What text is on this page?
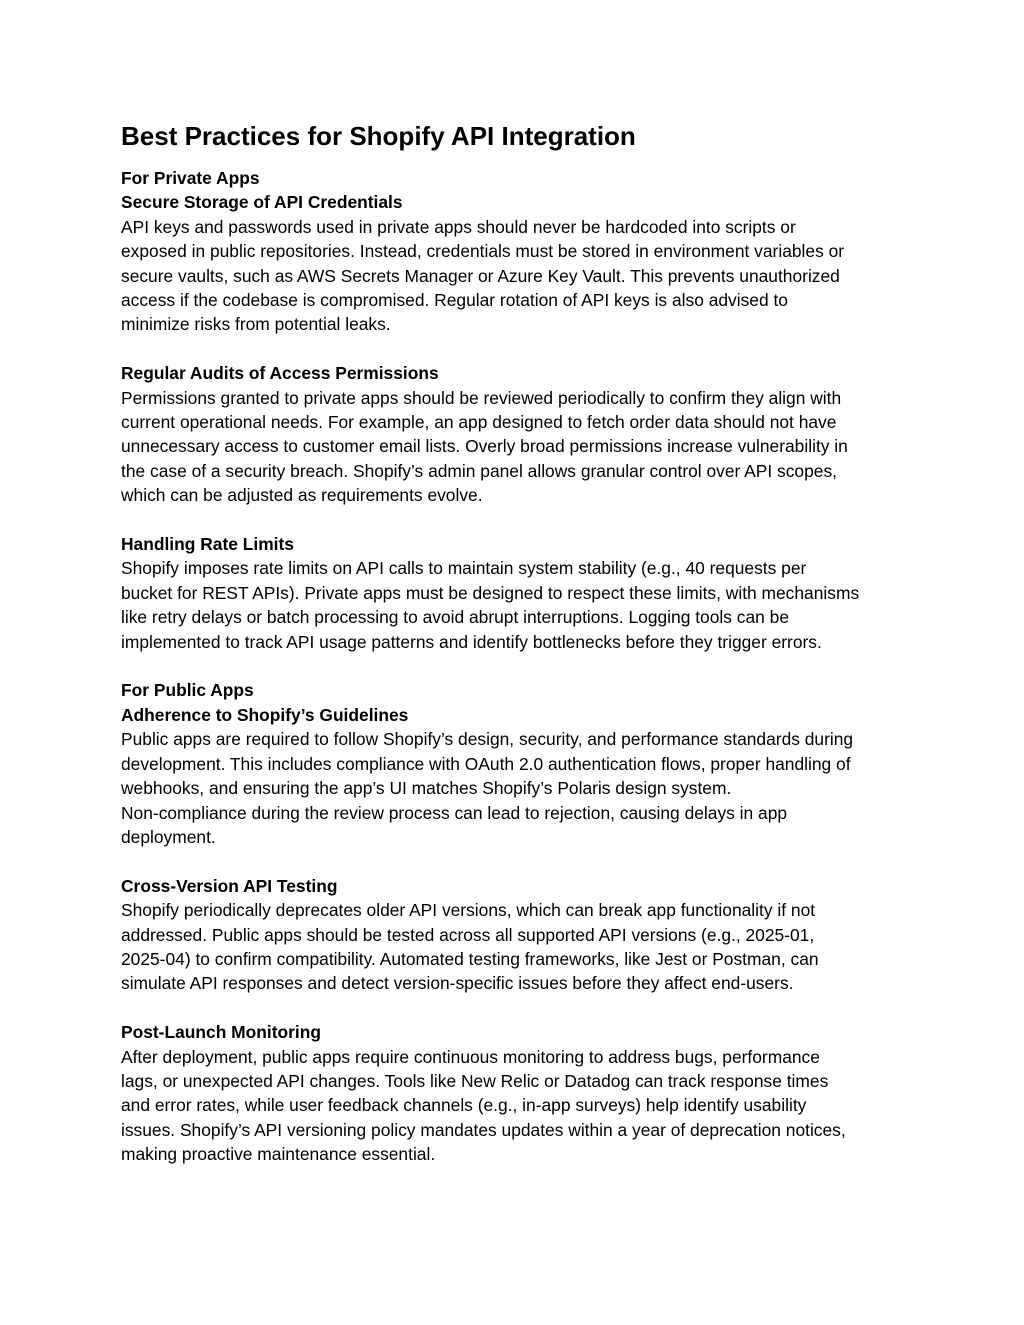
Best Practices for Shopify API Integration
For Private Apps
Secure Storage of API Credentials
API keys and passwords used in private apps should never be hardcoded into scripts or
exposed in public repositories. Instead, credentials must be stored in environment variables or
secure vaults, such as AWS Secrets Manager or Azure Key Vault. This prevents unauthorized
access if the codebase is compromised. Regular rotation of API keys is also advised to
minimize risks from potential leaks.
Regular Audits of Access Permissions
Permissions granted to private apps should be reviewed periodically to confirm they align with
current operational needs. For example, an app designed to fetch order data should not have
unnecessary access to customer email lists. Overly broad permissions increase vulnerability in
the case of a security breach. Shopify’s admin panel allows granular control over API scopes,
which can be adjusted as requirements evolve.
Handling Rate Limits
Shopify imposes rate limits on API calls to maintain system stability (e.g., 40 requests per
bucket for REST APIs). Private apps must be designed to respect these limits, with mechanisms
like retry delays or batch processing to avoid abrupt interruptions. Logging tools can be
implemented to track API usage patterns and identify bottlenecks before they trigger errors.
For Public Apps
Adherence to Shopify’s Guidelines
Public apps are required to follow Shopify’s design, security, and performance standards during
development. This includes compliance with OAuth 2.0 authentication flows, proper handling of
webhooks, and ensuring the app’s UI matches Shopify’s Polaris design system.
Non-compliance during the review process can lead to rejection, causing delays in app
deployment.
Cross-Version API Testing
Shopify periodically deprecates older API versions, which can break app functionality if not
addressed. Public apps should be tested across all supported API versions (e.g., 2025-01,
2025-04) to confirm compatibility. Automated testing frameworks, like Jest or Postman, can
simulate API responses and detect version-specific issues before they affect end-users.
Post-Launch Monitoring
After deployment, public apps require continuous monitoring to address bugs, performance
lags, or unexpected API changes. Tools like New Relic or Datadog can track response times
and error rates, while user feedback channels (e.g., in-app surveys) help identify usability
issues. Shopify’s API versioning policy mandates updates within a year of deprecation notices,
making proactive maintenance essential.
